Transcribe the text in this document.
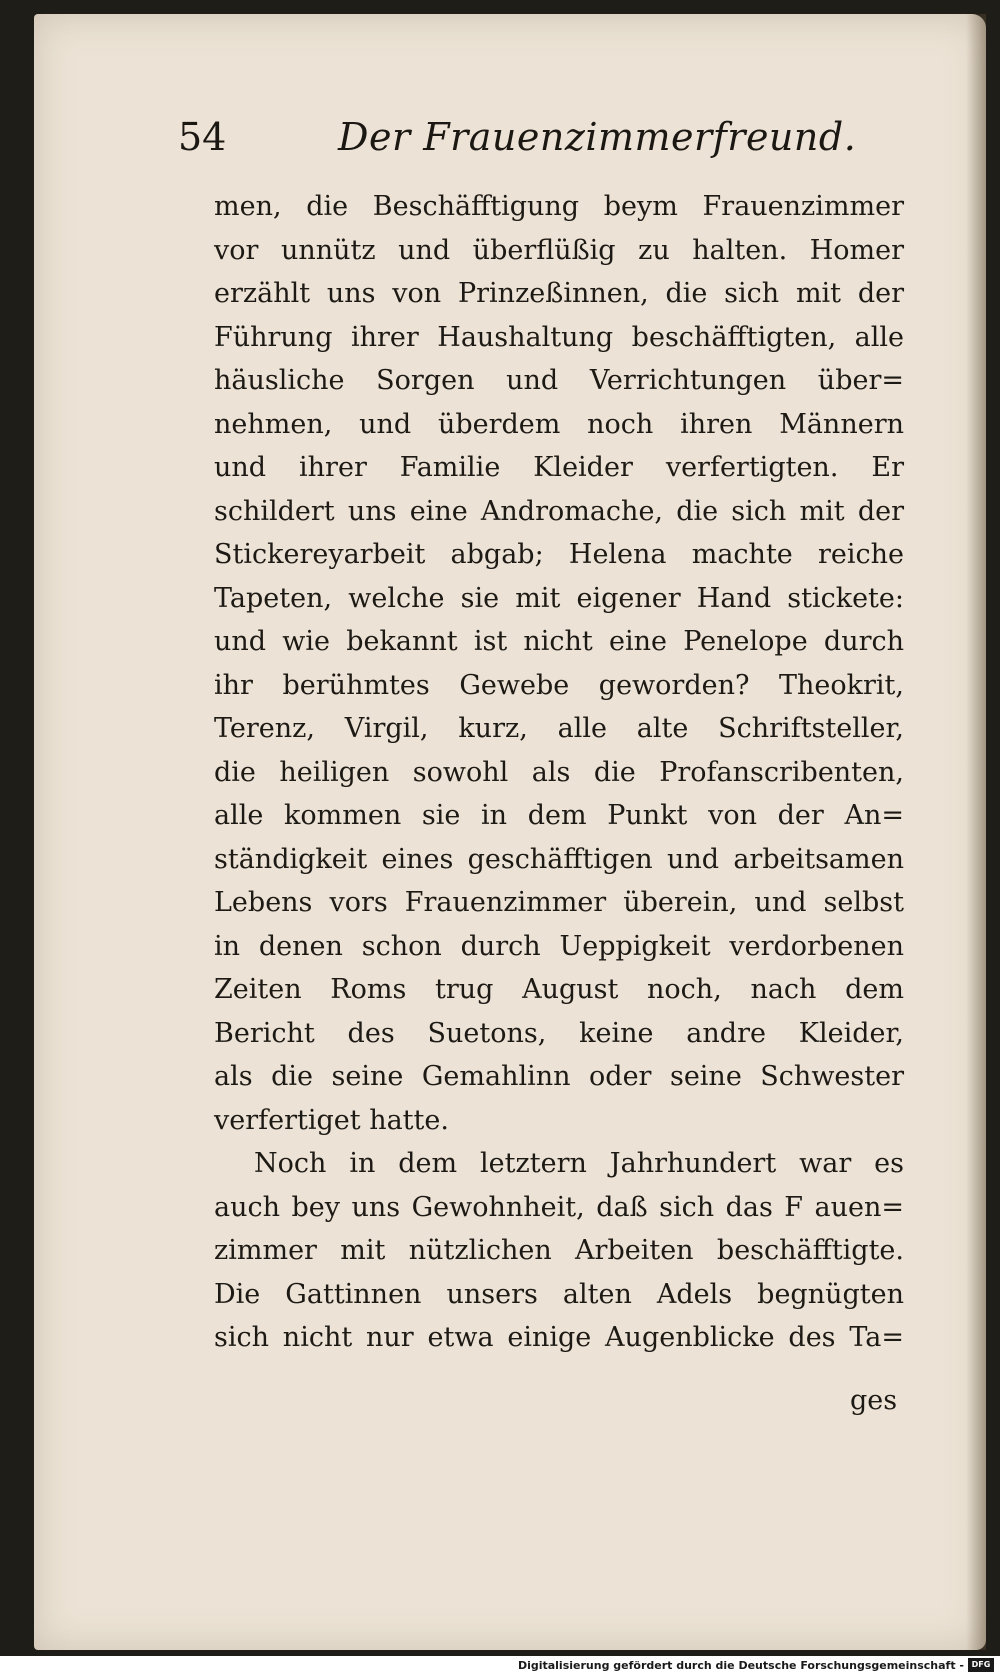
54	Der Frauenzimmerfreund.
men, die Beschäfftigung beym Frauenzimmer
vor unnütz und überflüßig zu halten. Homer
erzählt uns von Prinzeßinnen, die sich mit der
Führung ihrer Haushaltung beschäfftigten, alle
häusliche Sorgen und Verrichtungen über=
nehmen, und überdem noch ihren Männern
und ihrer Familie Kleider verfertigten. Er
schildert uns eine Andromache, die sich mit der
Stickereyarbeit abgab; Helena machte reiche
Tapeten, welche sie mit eigener Hand stickete:
und wie bekannt ist nicht eine Penelope durch
ihr berühmtes Gewebe geworden? Theokrit,
Terenz, Virgil, kurz, alle alte Schriftsteller,
die heiligen sowohl als die Profanscribenten,
alle kommen sie in dem Punkt von der An=
ständigkeit eines geschäfftigen und arbeitsamen
Lebens vors Frauenzimmer überein, und selbst
in denen schon durch Ueppigkeit verdorbenen
Zeiten Roms trug August noch, nach dem
Bericht des Suetons, keine andre Kleider,
als die seine Gemahlinn oder seine Schwester
verfertiget hatte.
Noch in dem letztern Jahrhundert war es
auch bey uns Gewohnheit, daß sich das F auen=
zimmer mit nützlichen Arbeiten beschäfftigte.
Die Gattinnen unsers alten Adels begnügten
sich nicht nur etwa einige Augenblicke des Ta=
ges
Digitalisierung gefördert durch die Deutsche Forschungsgemeinschaft - DFG
